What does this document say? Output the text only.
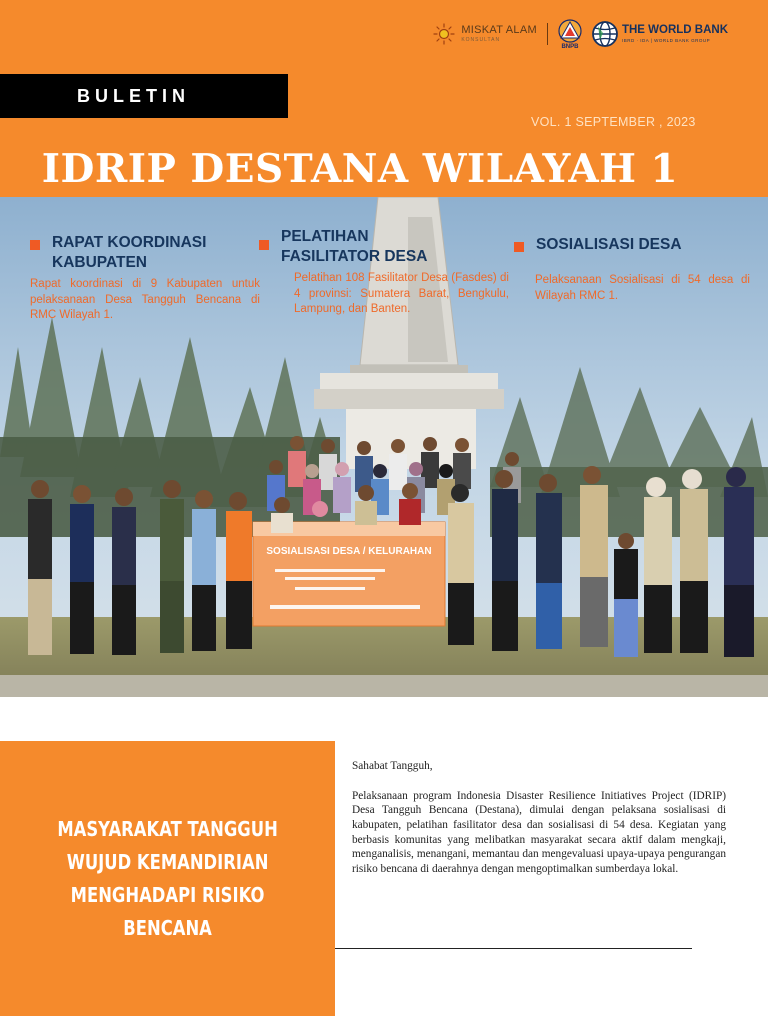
MISKAT ALAM
KONSULTAN
BNPB
THE WORLD BANK
IBRD · IDA | WORLD BANK GROUP
BULETIN
VOL. 1 SEPTEMBER , 2023
IDRIP DESTANA WILAYAH 1
SOSIALISASI DESA / KELURAHAN
RAPAT KOORDINASI KABUPATEN
Rapat koordinasi di 9 Kabupaten untuk pelaksanaan Desa Tangguh Bencana di RMC Wilayah 1.
PELATIHAN FASILITATOR DESA
Pelatihan 108 Fasilitator Desa (Fasdes) di 4 provinsi: Sumatera Barat, Bengkulu, Lampung, dan Banten.
SOSIALISASI DESA
Pelaksanaan Sosialisasi di 54 desa di Wilayah RMC 1.
MASYARAKAT TANGGUH
WUJUD KEMANDIRIAN
MENGHADAPI RISIKO BENCANA

Sahabat Tangguh,

Pelaksanaan program Indonesia Disaster Resilience Initiatives Project (IDRIP) Desa Tangguh Bencana (Destana), dimulai dengan pelaksana sosialisasi di kabupaten, pelatihan fasilitator desa dan sosialisasi di 54 desa. Kegiatan yang berbasis komunitas yang melibatkan masyarakat secara aktif dalam mengkaji, menganalisis, menangani, memantau dan mengevaluasi upaya-upaya pengurangan risiko bencana di daerahnya dengan mengoptimalkan sumberdaya lokal.
